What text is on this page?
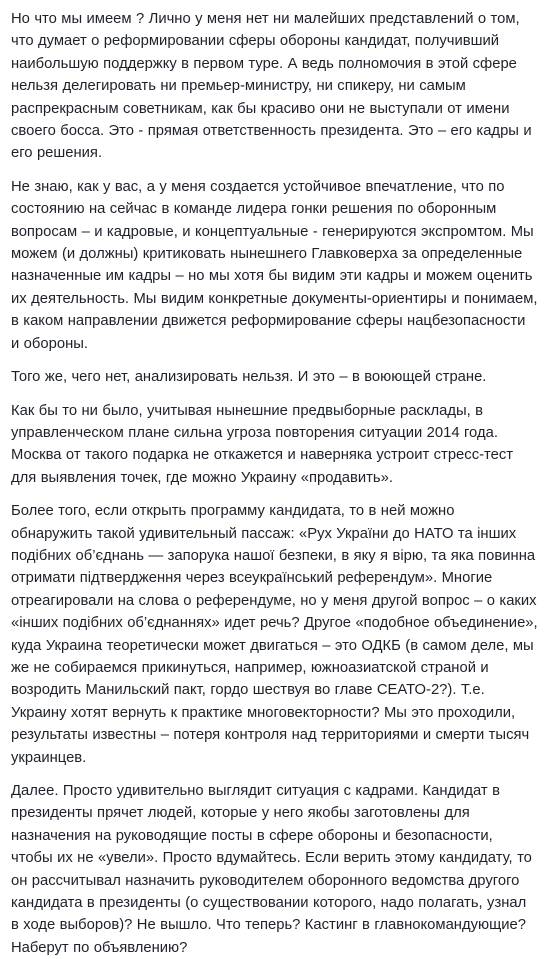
Но что мы имеем ? Лично у меня нет ни малейших представлений о том, что думает о реформировании сферы обороны кандидат, получивший наибольшую поддержку в первом туре. А ведь полномочия в этой сфере нельзя делегировать ни премьер-министру, ни спикеру, ни самым распрекрасным советникам, как бы красиво они не выступали от имени своего босса. Это - прямая ответственность президента. Это – его кадры и его решения.

Не знаю, как у вас, а у меня создается устойчивое впечатление, что по состоянию на сейчас в команде лидера гонки решения по оборонным вопросам – и кадровые, и концептуальные - генерируются экспромтом. Мы можем (и должны) критиковать нынешнего Главковерха за определенные назначенные им кадры – но мы хотя бы видим эти кадры и можем оценить их деятельность. Мы видим конкретные документы-ориентиры и понимаем, в каком направлении движется реформирование сферы нацбезопасности и обороны.

Того же, чего нет, анализировать нельзя. И это – в воюющей стране.

Как бы то ни было, учитывая нынешние предвыборные расклады, в управленческом плане сильна угроза повторения ситуации 2014 года. Москва от такого подарка не откажется и наверняка устроит стресс-тест для выявления точек, где можно Украину «продавить».

Более того, если открыть программу кандидата, то в ней можно обнаружить такой удивительный пассаж: «Рух України до НАТО та інших подібних об’єднань — запорука нашої безпеки, в яку я вірю, та яка повинна отримати підтвердження через всеукраїнський референдум». Многие отреагировали на слова о референдуме, но у меня другой вопрос – о каких «інших подібних об’єднаннях» идет речь? Другое «подобное объединение», куда Украина теоретически может двигаться – это ОДКБ (в самом деле, мы же не собираемся прикинуться, например, южноазиатской страной и возродить Манильский пакт, гордо шествуя во главе СЕАТО-2?). Т.е. Украину хотят вернуть к практике многовекторности? Мы это проходили, результаты известны – потеря контроля над территориями и смерти тысяч украинцев.

Далее. Просто удивительно выглядит ситуация с кадрами. Кандидат в президенты прячет людей, которые у него якобы заготовлены для назначения на руководящие посты в сфере обороны и безопасности, чтобы их не «увели». Просто вдумайтесь. Если верить этому кандидату, то он рассчитывал назначить руководителем оборонного ведомства другого кандидата в президенты (о существовании которого, надо полагать, узнал в ходе выборов)? Не вышло. Что теперь? Кастинг в главнокомандующие? Наберут по объявлению?
